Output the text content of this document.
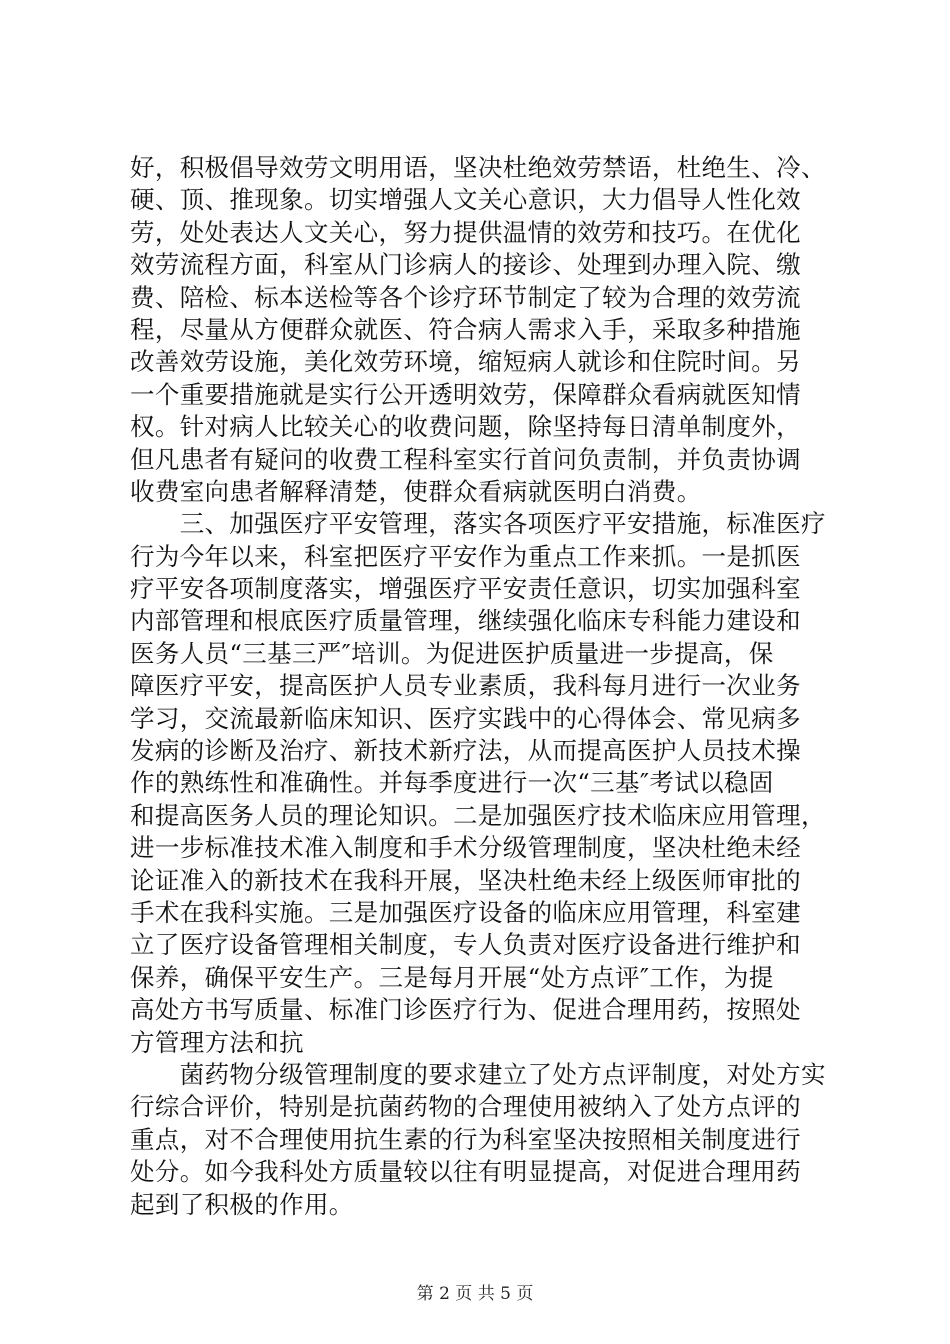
好，积极倡导效劳文明用语，坚决杜绝效劳禁语，杜绝生、冷、
硬、顶、推现象。切实增强人文关心意识，大力倡导人性化效
劳，处处表达人文关心，努力提供温情的效劳和技巧。在优化
效劳流程方面，科室从门诊病人的接诊、处理到办理入院、缴
费、陪检、标本送检等各个诊疗环节制定了较为合理的效劳流
程，尽量从方便群众就医、符合病人需求入手，采取多种措施
改善效劳设施，美化效劳环境，缩短病人就诊和住院时间。另
一个重要措施就是实行公开透明效劳，保障群众看病就医知情
权。针对病人比较关心的收费问题，除坚持每日清单制度外，
但凡患者有疑问的收费工程科室实行首问负责制，并负责协调
收费室向患者解释清楚，使群众看病就医明白消费。
　　三、加强医疗平安管理，落实各项医疗平安措施，标准医疗
行为今年以来，科室把医疗平安作为重点工作来抓。一是抓医
疗平安各项制度落实，增强医疗平安责任意识，切实加强科室
内部管理和根底医疗质量管理，继续强化临床专科能力建设和
医务人员“三基三严″培训。为促进医护质量进一步提高，保
障医疗平安，提高医护人员专业素质，我科每月进行一次业务
学习，交流最新临床知识、医疗实践中的心得体会、常见病多
发病的诊断及治疗、新技术新疗法，从而提高医护人员技术操
作的熟练性和准确性。并每季度进行一次“三基″考试以稳固
和提高医务人员的理论知识。二是加强医疗技术临床应用管理，
进一步标准技术准入制度和手术分级管理制度，坚决杜绝未经
论证准入的新技术在我科开展，坚决杜绝未经上级医师审批的
手术在我科实施。三是加强医疗设备的临床应用管理，科室建
立了医疗设备管理相关制度，专人负责对医疗设备进行维护和
保养，确保平安生产。三是每月开展“处方点评″工作，为提
高处方书写质量、标准门诊医疗行为、促进合理用药，按照处
方管理方法和抗
　　菌药物分级管理制度的要求建立了处方点评制度，对处方实
行综合评价，特别是抗菌药物的合理使用被纳入了处方点评的
重点，对不合理使用抗生素的行为科室坚决按照相关制度进行
处分。如今我科处方质量较以往有明显提高，对促进合理用药
起到了积极的作用。
第 2 页 共 5 页
